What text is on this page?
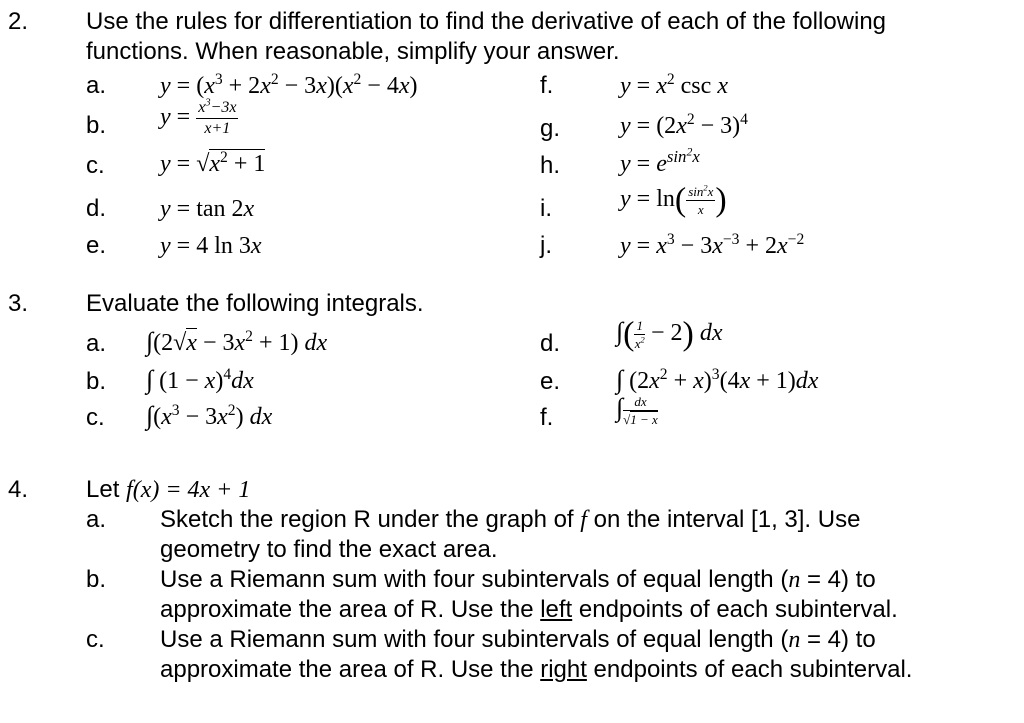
2. Use the rules for differentiation to find the derivative of each of the following
functions. When reasonable, simplify your answer.
a. $y = (x^3 + 2x^2 - 3x)(x^2 - 4x)$	f.	$y = x^2$ csc x
b. $y = \frac{x^3-3x}{x+1}$	g. $y = (2x^2 - 3)^4$
c. $y = √x^2 + 1$	h. $y = e^{sin^2x}$
d. y = tan 2x	i.	$y = \ln( \frac{\sin^2x}{x}$ )
e. y = 4 ln 3x	j.	$y = x^3 - 3x^{-3} + 2x^{-2}$
3. Evaluate the following integrals.
a. $\int(2√x - 3x^2 + 1)$ dx	d. ∫( $\frac{1}{x^2} - 2$) dx
b. ∫ $(1 - x)^4dx$	e. ∫ $(2x^2 + x)^3(4x + 1)dx$
c. $\int(x^3 - 3x^2)$ dx	f. ∫ $\frac{dx}{√1 - x}$
4. Let f(x) = 4x + 1
a. Sketch the region R under the graph of f on the interval [1, 3]. Use
geometry to find the exact area.
b. Use a Riemann sum with four subintervals of equal length (n = 4) to
approximate the area of R. Use the left endpoints of each subinterval.
c. Use a Riemann sum with four subintervals of equal length (n = 4) to
approximate the area of R. Use the right endpoints of each subinterval.
